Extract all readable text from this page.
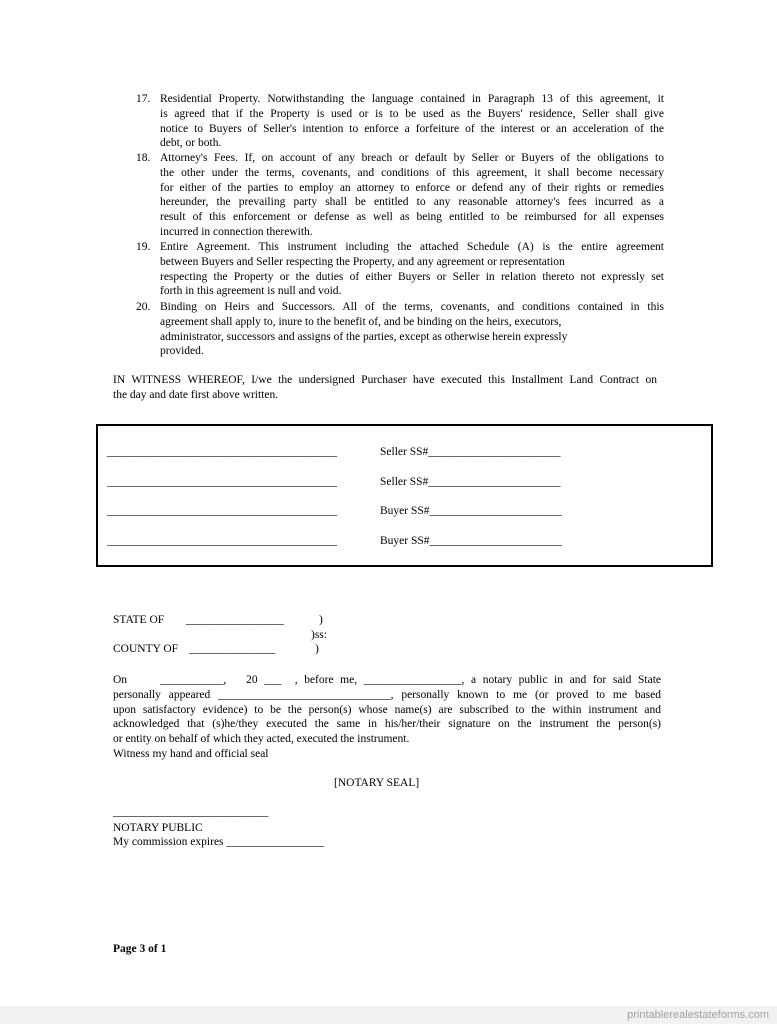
17. Residential Property. Notwithstanding the language contained in Paragraph 13 of this agreement, it
is agreed that if the Property is used or is to be used as the Buyers' residence, Seller shall give
notice to Buyers of Seller's intention to enforce a forfeiture of the interest or an acceleration of the
debt, or both.
18. Attorney's Fees. If, on account of any breach or default by Seller or Buyers of the obligations to
the other under the terms, covenants, and conditions of this agreement, it shall become necessary
for either of the parties to employ an attorney to enforce or defend any of their rights or remedies
hereunder, the prevailing party shall be entitled to any reasonable attorney's fees incurred as a
result of this enforcement or defense as well as being entitled to be reimbursed for all expenses
incurred in connection therewith.
19. Entire Agreement. This instrument including the attached Schedule (A) is the entire agreement
between Buyers and Seller respecting the Property, and any agreement or representation
respecting the Property or the duties of either Buyers or Seller in relation thereto not expressly set
forth in this agreement is null and void.
20. Binding on Heirs and Successors. All of the terms, covenants, and conditions contained in this
agreement shall apply to, inure to the benefit of, and be binding on the heirs, executors,
administrator, successors and assigns of the parties, except as otherwise herein expressly
provided.
IN WITNESS WHEREOF, I/we the undersigned Purchaser have executed this Installment Land Contract on
the day and date first above written.
________________________________________	Seller SS#_______________________
________________________________________	Seller SS#_______________________
________________________________________	Buyer SS#_______________________
________________________________________	Buyer SS#_______________________
STATE OF _________________	)
)ss:
COUNTY OF _______________	)
On     ___________,   20 ___  , before me, _________________, a notary public in and for said State
personally appeared ______________________________, personally known to me (or proved to me based
upon satisfactory evidence) to be the person(s) whose name(s) are subscribed to the within instrument and
acknowledged that (s)he/they executed the same in his/her/their signature on the instrument the person(s)
or entity on behalf of which they acted, executed the instrument.
Witness my hand and official seal
[NOTARY SEAL]
___________________________
NOTARY PUBLIC
My commission expires _________________
Page 3 of 1
printablerealestateforms.com
